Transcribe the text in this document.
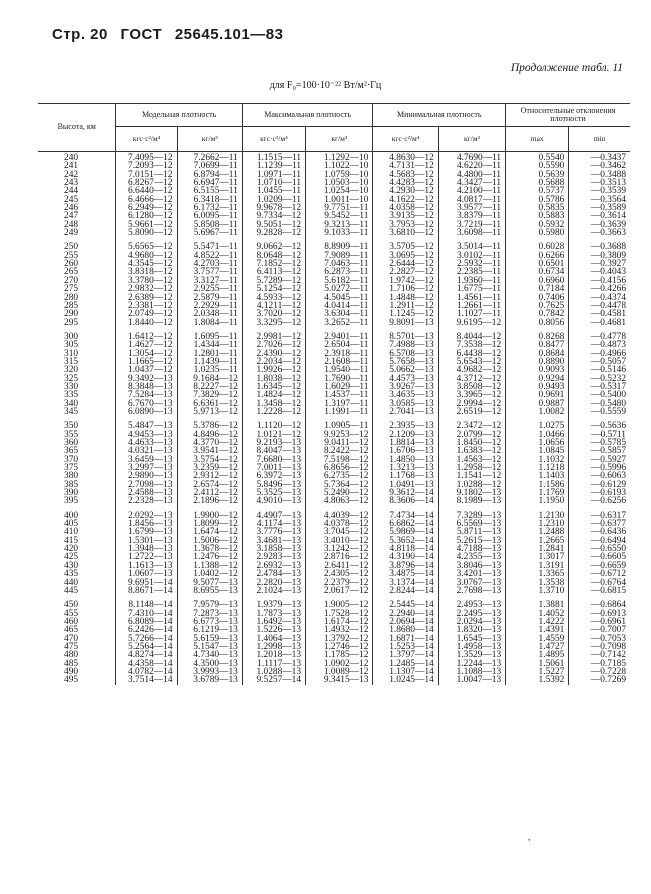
Стр. 20 ГОСТ 25645.101—83
Продолжение табл. 11
для F₀=100·10⁻²² Вт/м²·Гц
Высота, км	Модельная плотность		Максимальная плотность		Минимальная плотность		Относительные отклонения плотности	
	кгс·с²/м⁴	кг/м³	кгс·с²/м⁴	кг/м³	кгс·с²/м⁴	кг/м³	max	min
240	7.4095—12	7.2662—11	1.1515—11	1.1292—10	4.8630—12	4.7690—11	0.5540	—0.3437
241	7.2093—12	7.0699—11	1.1239—11	1.1022—10	4.7131—12	4.6220—11	0.5590	—0.3462
242	7.0151—12	6.8794—11	1.0971—11	1.0759—10	4.5683—12	4.4800—11	0.5639	—0.3488
243	6.8267—12	6.6947—11	1.0710—11	1.0503—10	4.4283—12	4.3427—11	0.5688	—0.3513
244	6.6440—12	6.5155—11	1.0455—11	1.0254—10	4.2930—12	4.2100—11	0.5737	—0.3539
245	6.4666—12	6.3418—11	1.0209—11	1.0011—10	4.1622—12	4.0817—11	0.5786	—0.3564
246	6.2949—12	6.1732—11	9.9678—12	9.7751—11	4.0358—12	3.9577—11	0.5835	—0.3589
247	6.1280—12	6.0095—11	9.7334—12	9.5452—11	3.9135—12	3.8379—11	0.5883	—0.3614
248	5.9661—12	5.8508—11	9.5051—12	9.3213—11	3.7953—12	3.7219—11	0.5932	—0.3639
249	5.8090—12	5.6967—11	9.2828—12	9.1033—11	3.6810—12	3.6098—11	0.5980	—0.3663

250	5.6565—12	5.5471—11	9.0662—12	8.8909—11	3.5705—12	3.5014—11	0.6028	—0.3688
255	4.9680—12	4.8522—11	8.0648—12	7.9089—11	3.0695—12	3.0102—11	0.6266	—0.3809
260	4.3545—12	4.2703—11	7.1852—12	7.0463—11	2.6444—12	2.5932—11	0.6501	—0.3927
265	3.8318—12	3.7577—11	6.4113—12	6.2873—11	2.2827—12	2.2385—11	0.6734	—0.4043
270	3.3780—12	3.3127—11	5.7289—12	5.6182—11	1.9742—12	1.9360—11	0.6960	—0.4156
275	2.9832—12	2.9255—11	5.1254—12	5.0272—11	1.7106—12	1.6775—11	0.7184	—0.4266
280	2.6389—12	2.5879—11	4.5933—12	4.5045—11	1.4848—12	1.4561—11	0.7406	—0.4374
285	2.3381—12	2.2929—11	4.1211—12	4.0414—11	1.2911—12	1.2661—11	0.7625	—0.4478
290	2.0749—12	2.0348—11	3.7020—12	3.6304—11	1.1245—12	1.1027—11	0.7842	—0.4581
295	1.8440—12	1.8084—11	3.3295—12	3.2652—11	9.8091—13	9.6195—12	0.8056	—0.4681

300	1.6412—12	1.6095—11	2.9981—12	2.9401—11	8.5701—13	8.4044—12	0.8268	—0.4778
305	1.4627—12	1.4344—11	2.7026—12	2.6504—11	7.4988—13	7.3538—12	0.8477	—0.4873
310	1.3054—12	1.2801—11	2.4390—12	2.3918—11	6.5708—13	6.4438—12	0.8684	—0.4966
315	1.1665—12	1.1439—11	2.2034—12	2.1608—11	5.7658—13	5.6543—12	0.8890	—0.5057
320	1.0437—12	1.0235—11	1.9926—12	1.9540—11	5.0662—13	4.9682—12	0.9093	—0.5146
325	9.3492—13	9.1684—12	1.8038—12	1.7690—11	4.4573—13	4.3712—12	0.9294	—0.5232
330	8.3848—13	8.2227—12	1.6345—12	1.6029—11	3.9267—13	3.8508—12	0.9493	—0.5317
335	7.5284—13	7.3829—12	1.4824—12	1.4537—11	3.4635—13	3.3965—12	0.9691	—0.5400
340	6.7670—13	6.6361—12	1.3458—12	1.3197—11	3.0585—13	2.9994—12	0.9887	—0.5480
345	6.0890—13	5.9713—12	1.2228—12	1.1991—11	2.7041—13	2.6519—12	1.0082	—0.5559

350	5.4847—13	5.3786—12	1.1120—12	1.0905—11	2.3935—13	2.3472—12	1.0275	—0.5636
355	4.9453—13	4.8496—12	1.0121—12	9.9253—12	2.1209—13	2.0799—12	1.0466	—0.5711
360	4.4633—13	4.3770—12	9.2193—13	9.0411—12	1.8814—13	1.8450—12	1.0656	—0.5785
365	4.0321—13	3.9541—12	8.4047—13	8.2422—12	1.6706—13	1.6383—12	1.0845	—0.5857
370	3.6459—13	3.5754—12	7.6680—13	7.5198—12	1.4850—13	1.4563—12	1.1032	—0.5927
375	3.2997—13	3.2359—12	7.0011—13	6.8656—12	1.3213—13	1.2958—12	1.1218	—0.5996
380	2.9890—13	2.9312—12	6.3972—13	6.2735—12	1.1768—13	1.1541—12	1.1403	—0.6063
385	2.7098—13	2.6574—12	5.8496—13	5.7364—12	1.0491—13	1.0288—12	1.1586	—0.6129
390	2.4588—13	2.4112—12	5.3525—13	5.2490—12	9.3612—14	9.1802—13	1.1769	—0.6193
395	2.2328—13	2.1896—12	4.9010—13	4.8063—12	8.3606—14	8.1989—13	1.1950	—0.6256

400	2.0292—13	1.9900—12	4.4907—13	4.4039—12	7.4734—14	7.3289—13	1.2130	—0.6317
405	1.8456—13	1.8099—12	4.1174—13	4.0378—12	6.6862—14	6.5569—13	1.2310	—0.6377
410	1.6799—13	1.6474—12	3.7776—13	3.7045—12	5.9869—14	5.8711—13	1.2488	—0.6436
415	1.5301—13	1.5006—12	3.4681—13	3.4010—12	5.3652—14	5.2615—13	1.2665	—0.6494
420	1.3948—13	1.3678—12	3.1858—13	3.1242—12	4.8118—14	4.7188—13	1.2841	—0.6550
425	1.2722—13	1.2476—12	2.9283—13	2.8716—12	4.3190—14	4.2355—13	1.3017	—0.6605
430	1.1613—13	1.1388—12	2.6932—13	2.6411—12	3.8796—14	3.8046—13	1.3191	—0.6659
435	1.0607—13	1.0402—12	2.4784—13	2.4305—12	3.4875—14	3.4201—13	1.3365	—0.6712
440	9.6951—14	9.5077—13	2.2820—13	2.2379—12	3.1374—14	3.0767—13	1.3538	—0.6764
445	8.8671—14	8.6955—13	2.1024—13	2.0617—12	2.8244—14	2.7698—13	1.3710	—0.6815

450	8.1148—14	7.9579—13	1.9379—13	1.9005—12	2.5445—14	2.4953—13	1.3881	—0.6864
455	7.4310—14	7.2873—13	1.7873—13	1.7528—12	2.2940—14	2.2495—13	1.4052	—0.6913
460	6.8089—14	6.6773—13	1.6492—13	1.6174—12	2.0694—14	2.0294—13	1.4222	—0.6961
465	6.2426—14	6.1219—13	1.5226—13	1.4932—12	1.8680—14	1.8320—13	1.4391	—0.7007
470	5.7266—14	5.6159—13	1.4064—13	1.3792—12	1.6871—14	1.6545—13	1.4559	—0.7053
475	5.2564—14	5.1547—13	1.2998—13	1.2746—12	1.5253—14	1.4958—13	1.4727	—0.7098
480	4.8274—14	4.7340—13	1.2018—13	1.1785—12	1.3797—14	1.3529—13	1.4895	—0.7142
485	4.4358—14	4.3500—13	1.1117—13	1.0902—12	1.2485—14	1.2244—13	1.5061	—0.7185
490	4.0782—14	3.9993—13	1.0288—13	1.0089—12	1.1307—14	1.1088—13	1.5227	—0.7228
495	3.7514—14	3.6789—13	9.5257—14	9.3415—13	1.0245—14	1.0047—13	1.5392	—0.7269
,
